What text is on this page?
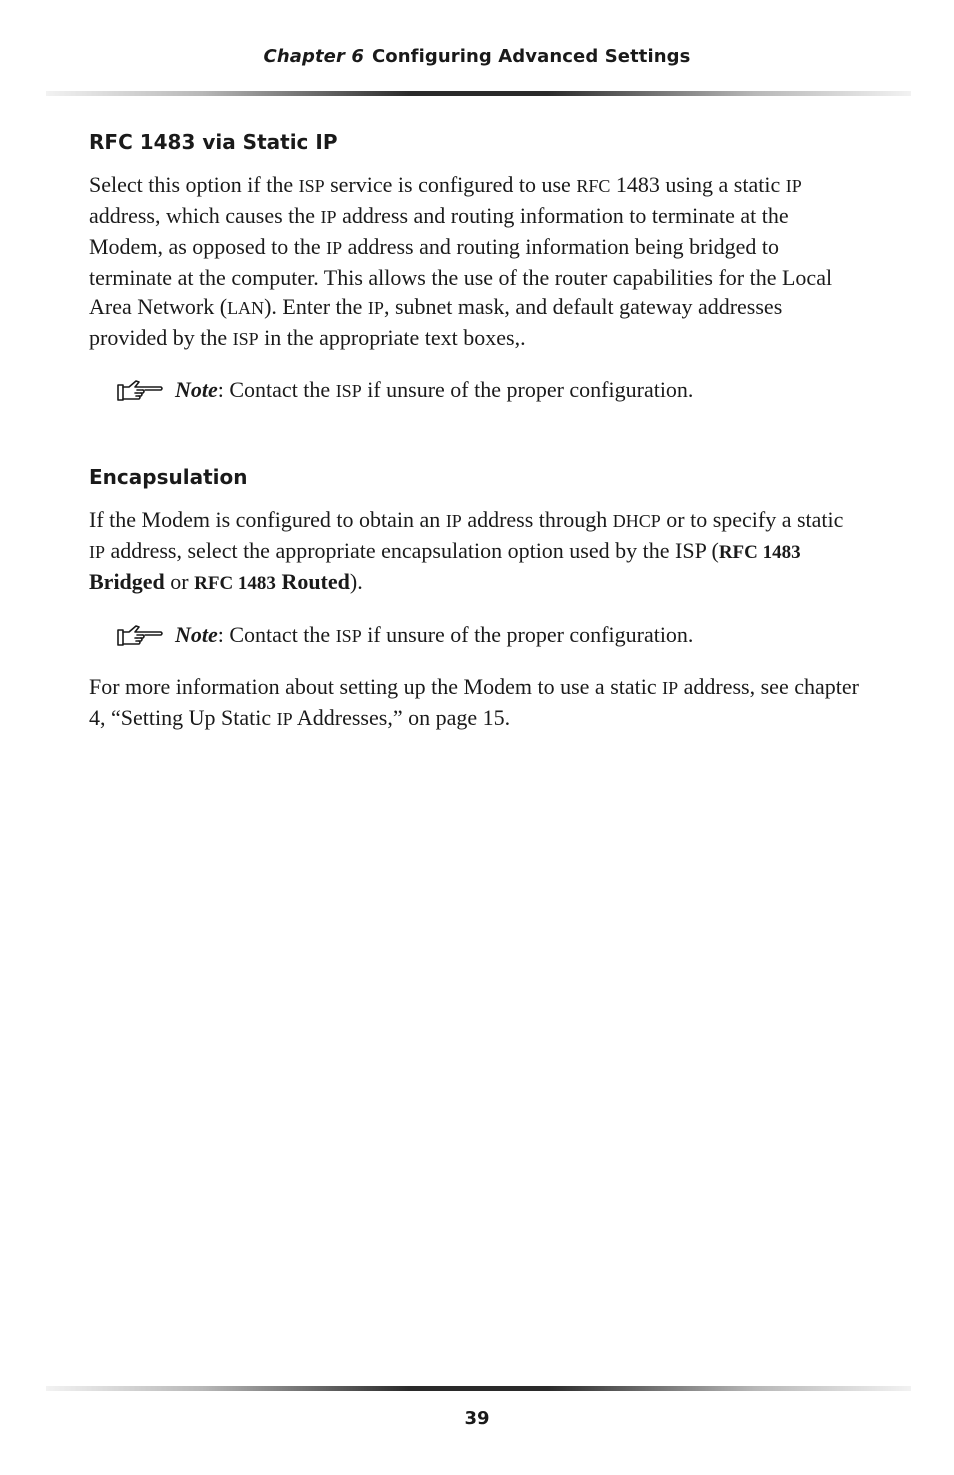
Chapter 6 Configuring Advanced Settings
RFC 1483 via Static IP

Select this option if the ISP service is configured to use RFC 1483 using a static IP address, which causes the IP address and routing information to terminate at the Modem, as opposed to the IP address and routing information being bridged to terminate at the computer. This allows the use of the router capabilities for the Local Area Network (LAN). Enter the IP, subnet mask, and default gateway addresses provided by the ISP in the appropriate text boxes,.

Note: Contact the ISP if unsure of the proper configuration.

Encapsulation

If the Modem is configured to obtain an IP address through DHCP or to specify a static IP address, select the appropriate encapsulation option used by the ISP (RFC 1483 Bridged or RFC 1483 Routed).

Note: Contact the ISP if unsure of the proper configuration.

For more information about setting up the Modem to use a static IP address, see chapter 4, “Setting Up Static IP Addresses,” on page 15.

39
